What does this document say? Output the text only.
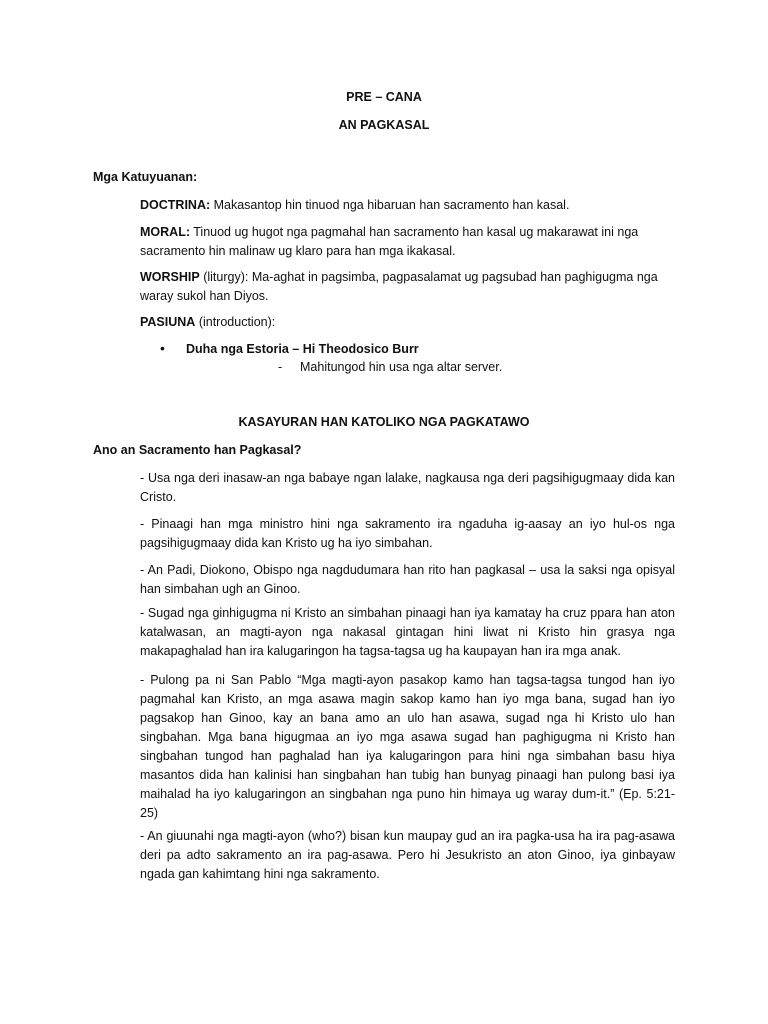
PRE – CANA
AN PAGKASAL
Mga Katuyuanan:
DOCTRINA: Makasantop hin tinuod nga hibaruan han sacramento han kasal.
MORAL: Tinuod ug hugot nga pagmahal han sacramento han kasal ug makarawat ini nga sacramento hin malinaw ug klaro para han mga ikakasal.
WORSHIP (liturgy): Ma-aghat in pagsimba, pagpasalamat ug pagsubad han paghigugma nga waray sukol han Diyos.
PASIUNA (introduction):
• Duha nga Estoria – Hi Theodosico Burr
- Mahitungod hin usa nga altar server.
KASAYURAN HAN KATOLIKO NGA PAGKATAWO
Ano an Sacramento han Pagkasal?
- Usa nga deri inasaw-an nga babaye ngan lalake, nagkausa nga deri pagsihigugmaay dida kan Cristo.
- Pinaagi han mga ministro hini nga sakramento ira ngaduha ig-aasay an iyo hul-os nga pagsihigugmaay dida kan Kristo ug ha iyo simbahan.
- An Padi, Diokono, Obispo nga nagdudumara han rito han pagkasal – usa la saksi nga opisyal han simbahan ugh an Ginoo.
- Sugad nga ginhigugma ni Kristo an simbahan pinaagi han iya kamatay ha cruz ppara han aton katalwasan, an magti-ayon nga nakasal gintagan hini liwat ni Kristo hin grasya nga makapaghalad han ira kalugaringon ha tagsa-tagsa ug ha kaupayan han ira mga anak.
- Pulong pa ni San Pablo “Mga magti-ayon pasakop kamo han tagsa-tagsa tungod han iyo pagmahal kan Kristo, an mga asawa magin sakop kamo han iyo mga bana, sugad han iyo pagsakop han Ginoo, kay an bana amo an ulo han asawa, sugad nga hi Kristo ulo han singbahan. Mga bana higugmaa an iyo mga asawa sugad han paghigugma ni Kristo han singbahan tungod han paghalad han iya kalugaringon para hini nga simbahan basu hiya masantos dida han kalinisi han singbahan han tubig han bunyag pinaagi han pulong basi iya maihalad ha iyo kalugaringon an singbahan nga puno hin himaya ug waray dum-it.” (Ep. 5:21-25)
- An giuunahi nga magti-ayon (who?) bisan kun maupay gud an ira pagka-usa ha ira pag-asawa deri pa adto sakramento an ira pag-asawa. Pero hi Jesukristo an aton Ginoo, iya ginbayaw ngada gan kahimtang hini nga sakramento.
